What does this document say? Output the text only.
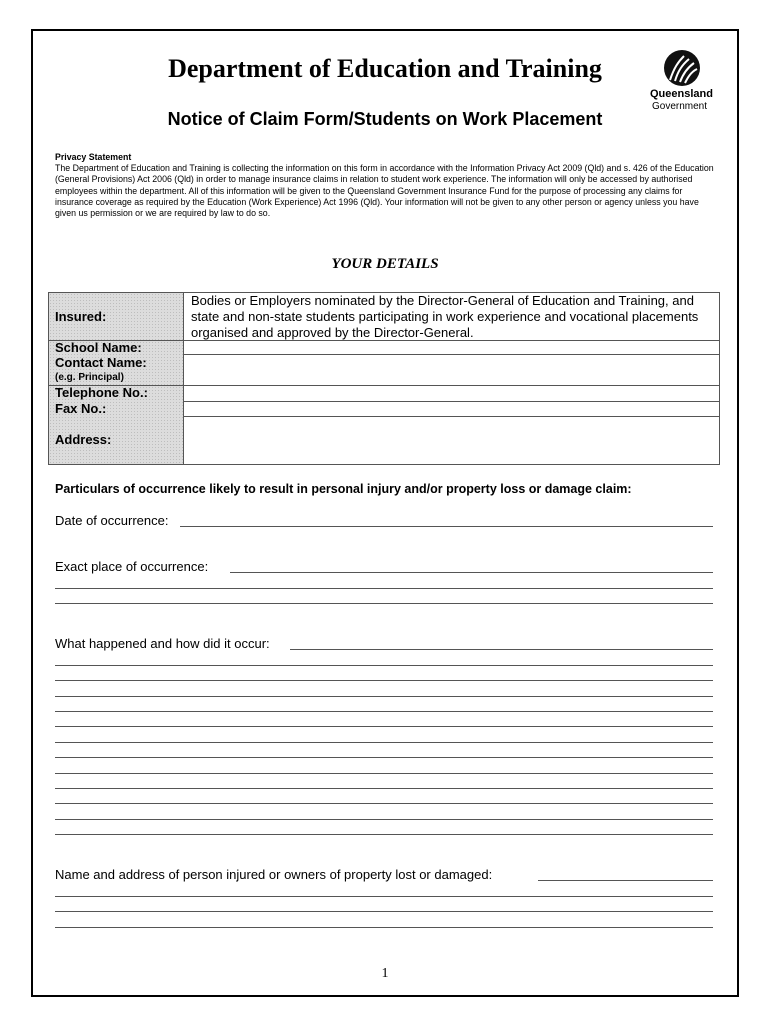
Department of Education and Training
Notice of Claim Form/Students on Work Placement
Queensland
Government
Privacy Statement

The Department of Education and Training is collecting the information on this form in accordance with the Information Privacy Act 2009 (Qld) and s. 426 of the Education (General Provisions) Act 2006 (Qld) in order to manage insurance claims in relation to student work experience. The information will only be accessed by authorised employees within the department. All of this information will be given to the Queensland Government Insurance Fund for the purpose of processing any claims for insurance coverage as required by the Education (Work Experience) Act 1996 (Qld). Your information will not be given to any other person or agency unless you have given us permission or we are required by law to do so.

YOUR DETAILS
Insured:
Bodies or Employers nominated by the Director-General of Education and Training, and state and non-state students participating in work experience and vocational placements organised and approved by the Director-General.
School Name:
Contact Name:
(e.g. Principal)
Telephone No.:
Fax No.:
Address:
Particulars of occurrence likely to result in personal injury and/or property loss or damage claim:
Date of occurrence:
Exact place of occurrence:
What happened and how did it occur:
Name and address of person injured or owners of property lost or damaged:
1
